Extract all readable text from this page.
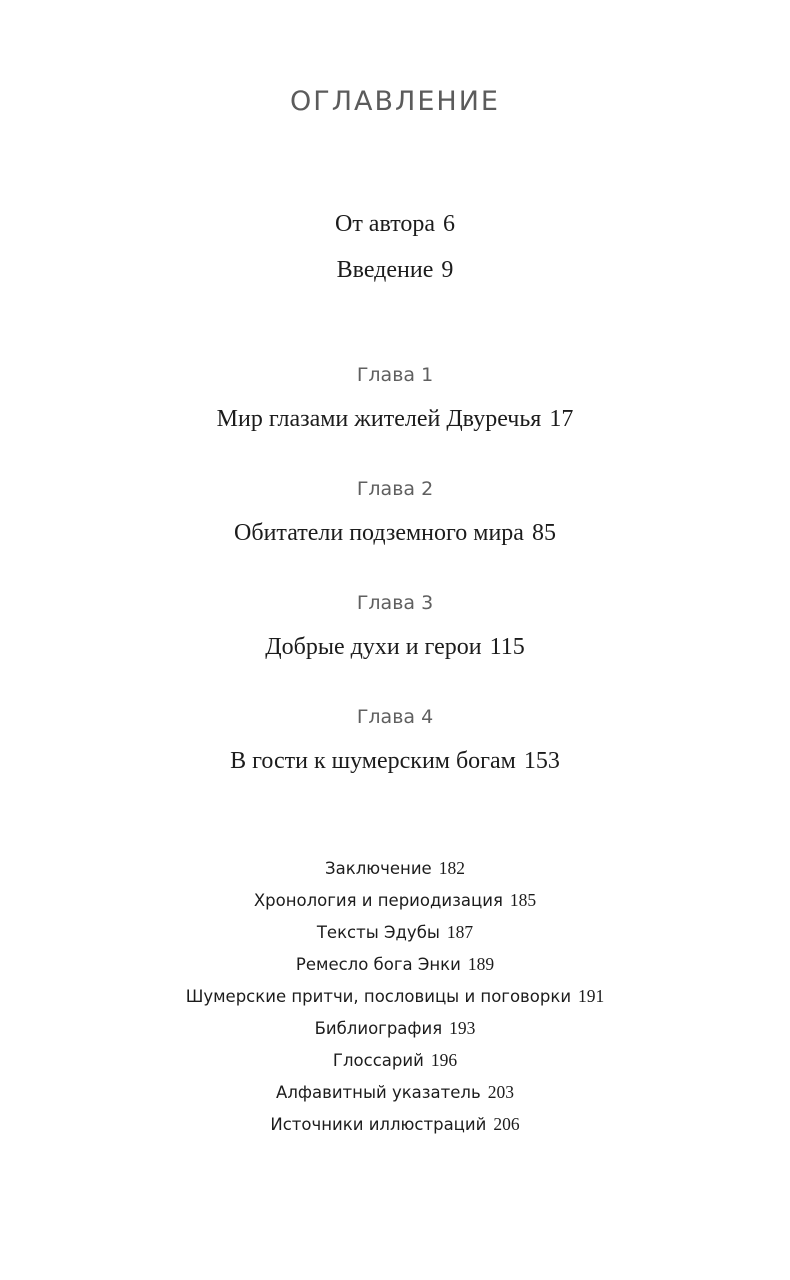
ОГЛАВЛЕНИЕ
От автора 6
Введение 9
Глава 1
Мир глазами жителей Двуречья 17
Глава 2
Обитатели подземного мира 85
Глава 3
Добрые духи и герои 115
Глава 4
В гости к шумерским богам 153
Заключение 182
Хронология и периодизация 185
Тексты Эдубы 187
Ремесло бога Энки 189
Шумерские притчи, пословицы и поговорки 191
Библиография 193
Глоссарий 196
Алфавитный указатель 203
Источники иллюстраций 206
